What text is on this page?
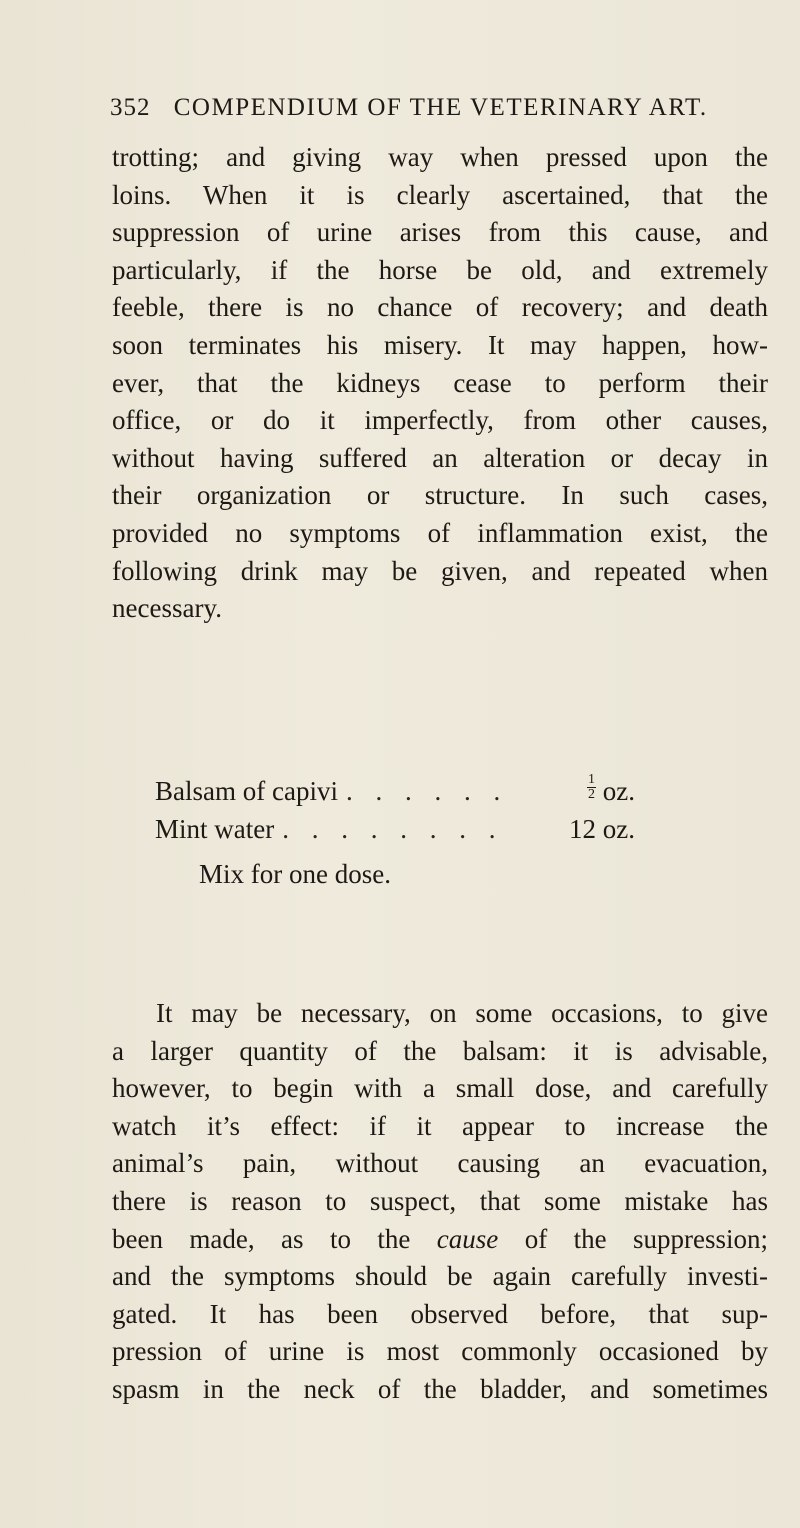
352 COMPENDIUM OF THE VETERINARY ART.
trotting; and giving way when pressed upon the
loins. When it is clearly ascertained, that the
suppression of urine arises from this cause, and
particularly, if the horse be old, and extremely
feeble, there is no chance of recovery; and death
soon terminates his misery. It may happen, how-
ever, that the kidneys cease to perform their
office, or do it imperfectly, from other causes,
without having suffered an alteration or decay in
their organization or structure. In such cases,
provided no symptoms of inflammation exist, the
following drink may be given, and repeated when
necessary.
Balsam of capivi . . . . . .	$\frac{1}{2}$ oz.
Mint water . . . . . . . .	12 oz.
Mix for one dose.
It may be necessary, on some occasions, to give
a larger quantity of the balsam: it is advisable,
however, to begin with a small dose, and carefully
watch it’s effect: if it appear to increase the
animal’s pain, without causing an evacuation,
there is reason to suspect, that some mistake has
been made, as to the cause of the suppression;
and the symptoms should be again carefully investi-
gated. It has been observed before, that sup-
pression of urine is most commonly occasioned by
spasm in the neck of the bladder, and sometimes
